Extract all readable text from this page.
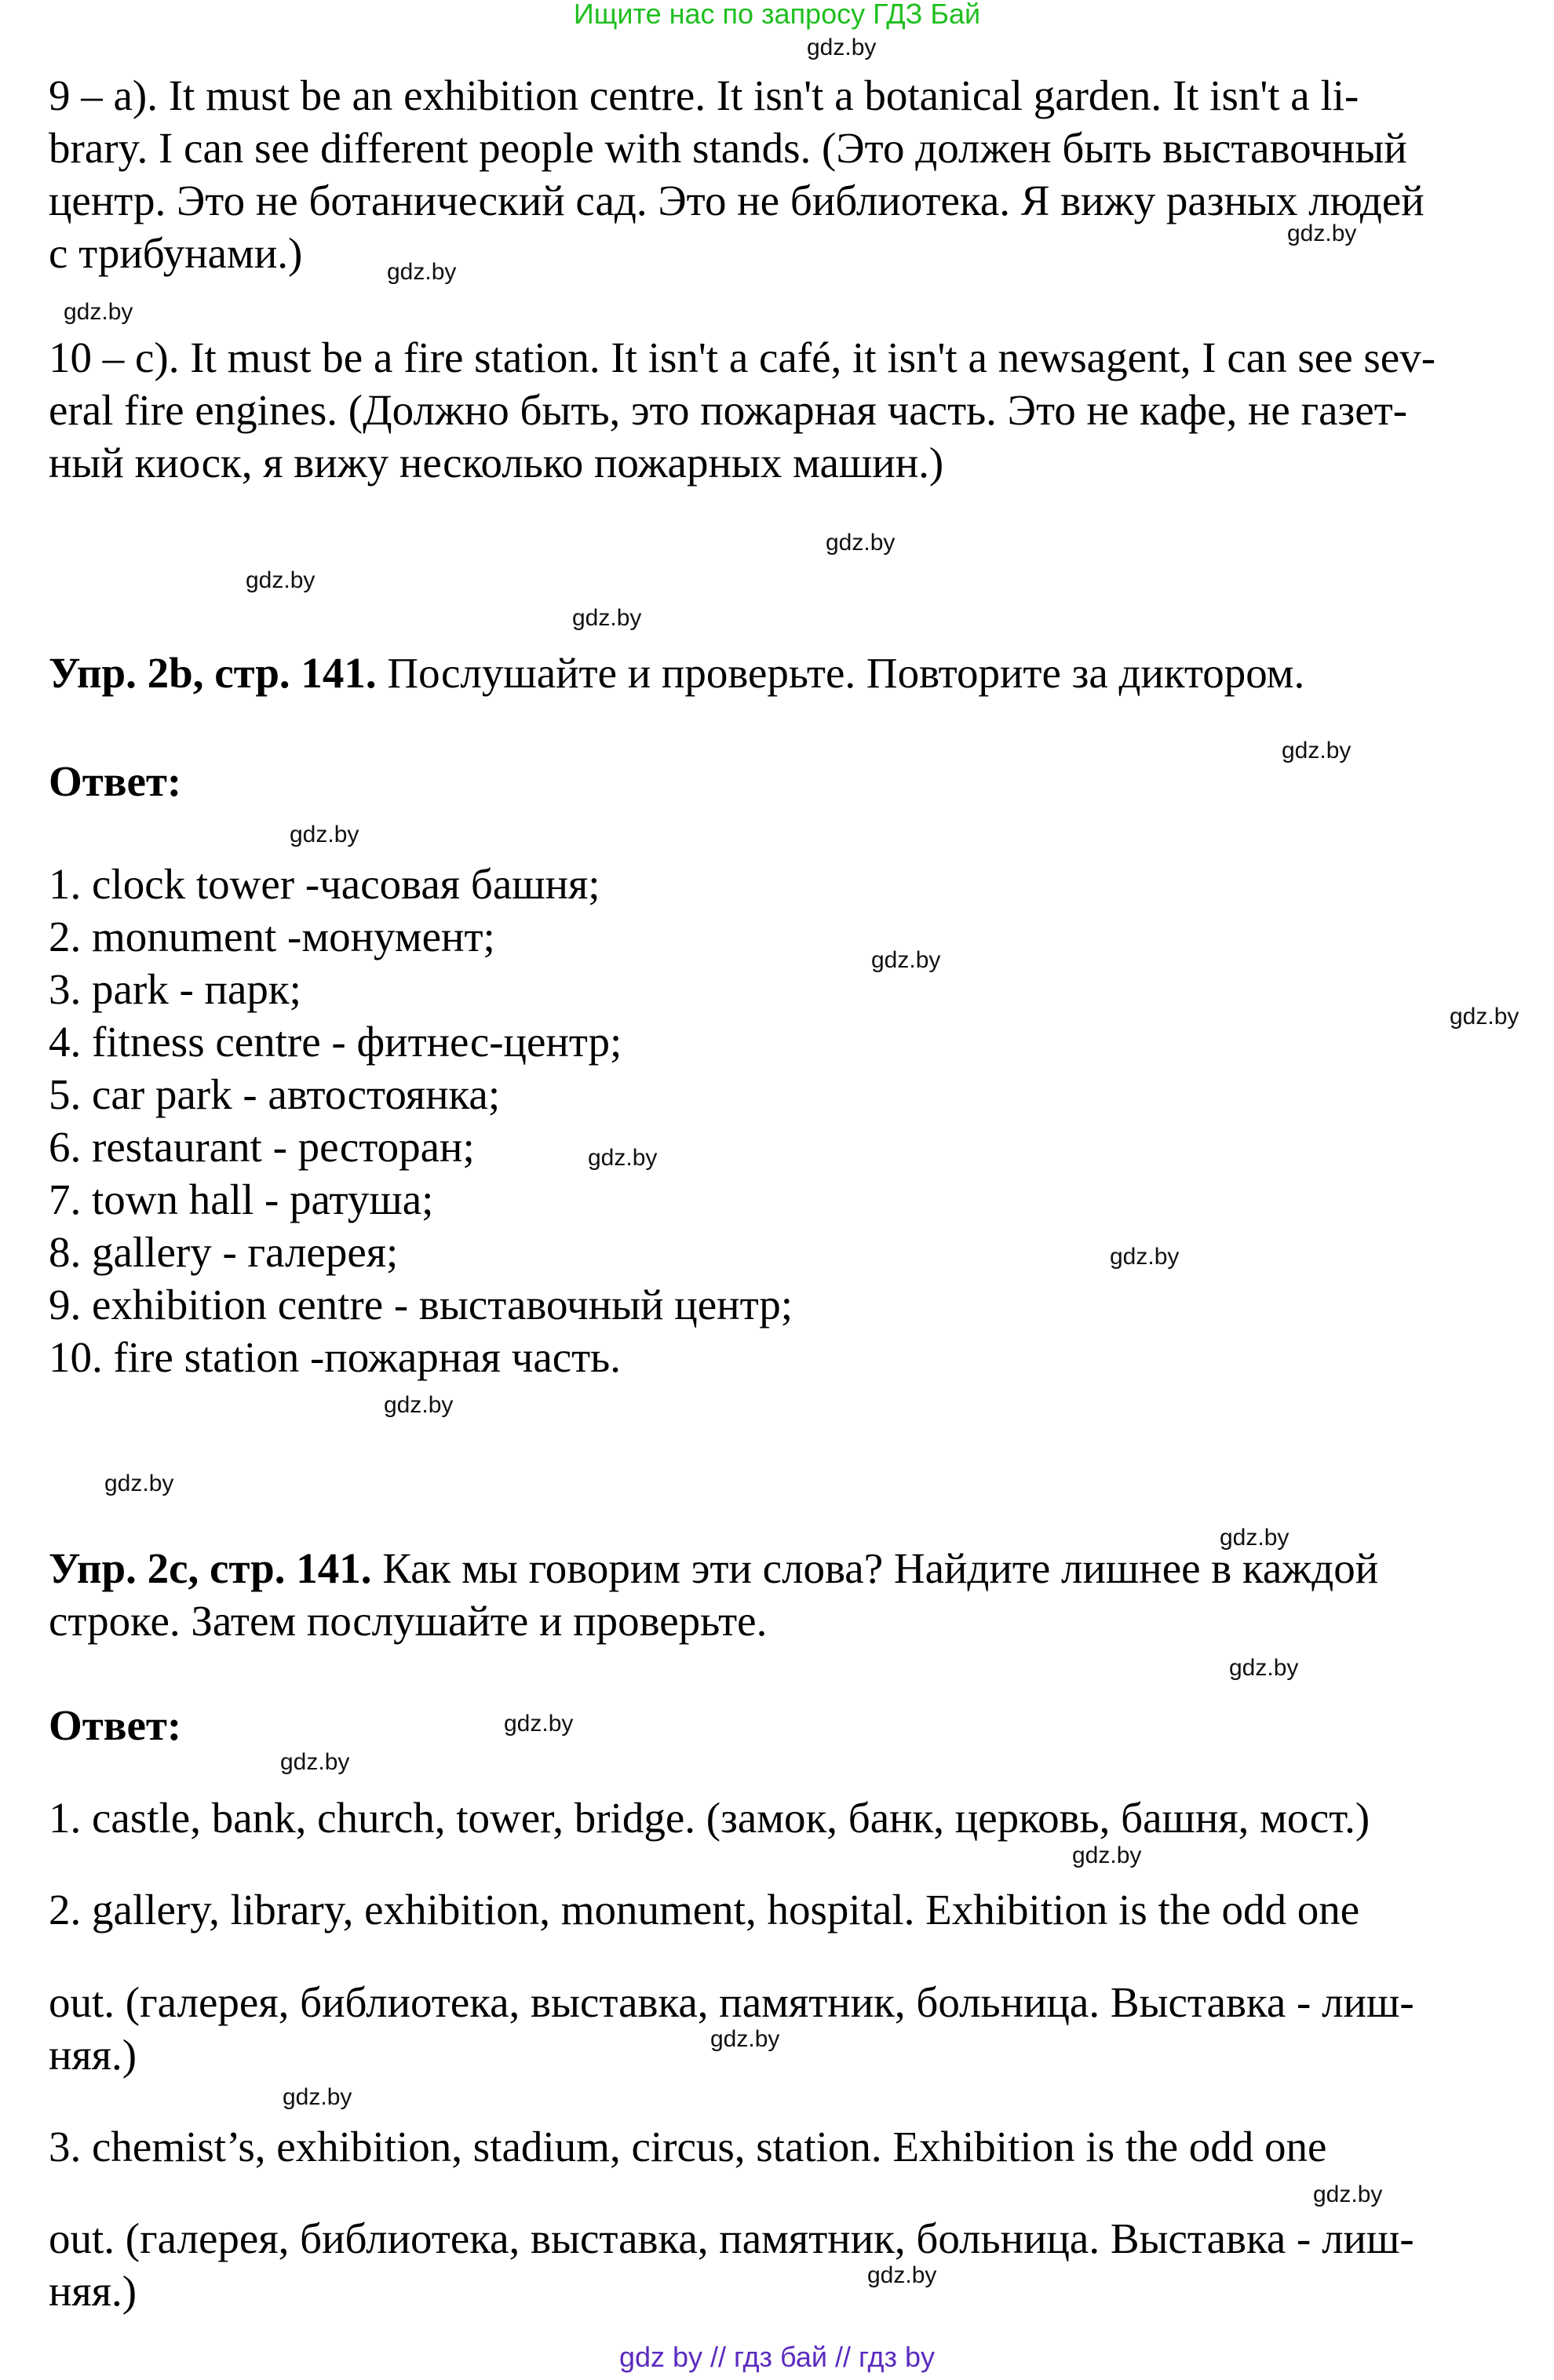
Ищите нас по запросу ГДЗ Бай
gdz.by
gdz.by
gdz.by
gdz.by
gdz.by
gdz.by
gdz.by
gdz.by
gdz.by
gdz.by
gdz.by
gdz.by
gdz.by
gdz.by
gdz.by
gdz.by
gdz.by
gdz.by
gdz.by
gdz.by
gdz.by
gdz.by
gdz.by
gdz.by
9 – a). It must be an exhibition centre. It isn't a botanical garden. It isn't a li-
brary. I can see different people with stands. (Это должен быть выставочный
центр. Это не ботанический сад. Это не библиотека. Я вижу разных людей
с трибунами.)
10 – c). It must be a fire station. It isn't a café, it isn't a newsagent, I can see sev-
eral fire engines. (Должно быть, это пожарная часть. Это не кафе, не газет-
ный киоск, я вижу несколько пожарных машин.)
Упр. 2b, стр. 141. Послушайте и проверьте. Повторите за диктором.
Ответ:
1. clock tower -часовая башня;
2. monument -монумент;
3. park - парк;
4. fitness centre - фитнес-центр;
5. car park - автостоянка;
6. restaurant - ресторан;
7. town hall - ратуша;
8. gallery - галерея;
9. exhibition centre - выставочный центр;
10. fire station -пожарная часть.
Упр. 2c, стр. 141. Как мы говорим эти слова? Найдите лишнее в каждой
строке. Затем послушайте и проверьте.
Ответ:
1. castle, bank, church, tower, bridge. (замок, банк, церковь, башня, мост.)
2. gallery, library, exhibition, monument, hospital. Exhibition is the odd one
out. (галерея, библиотека, выставка, памятник, больница. Выставка - лиш-
няя.)
3. chemist’s, exhibition, stadium, circus, station. Exhibition is the odd one
out. (галерея, библиотека, выставка, памятник, больница. Выставка - лиш-
няя.)
gdz by // гдз бай // гдз by
